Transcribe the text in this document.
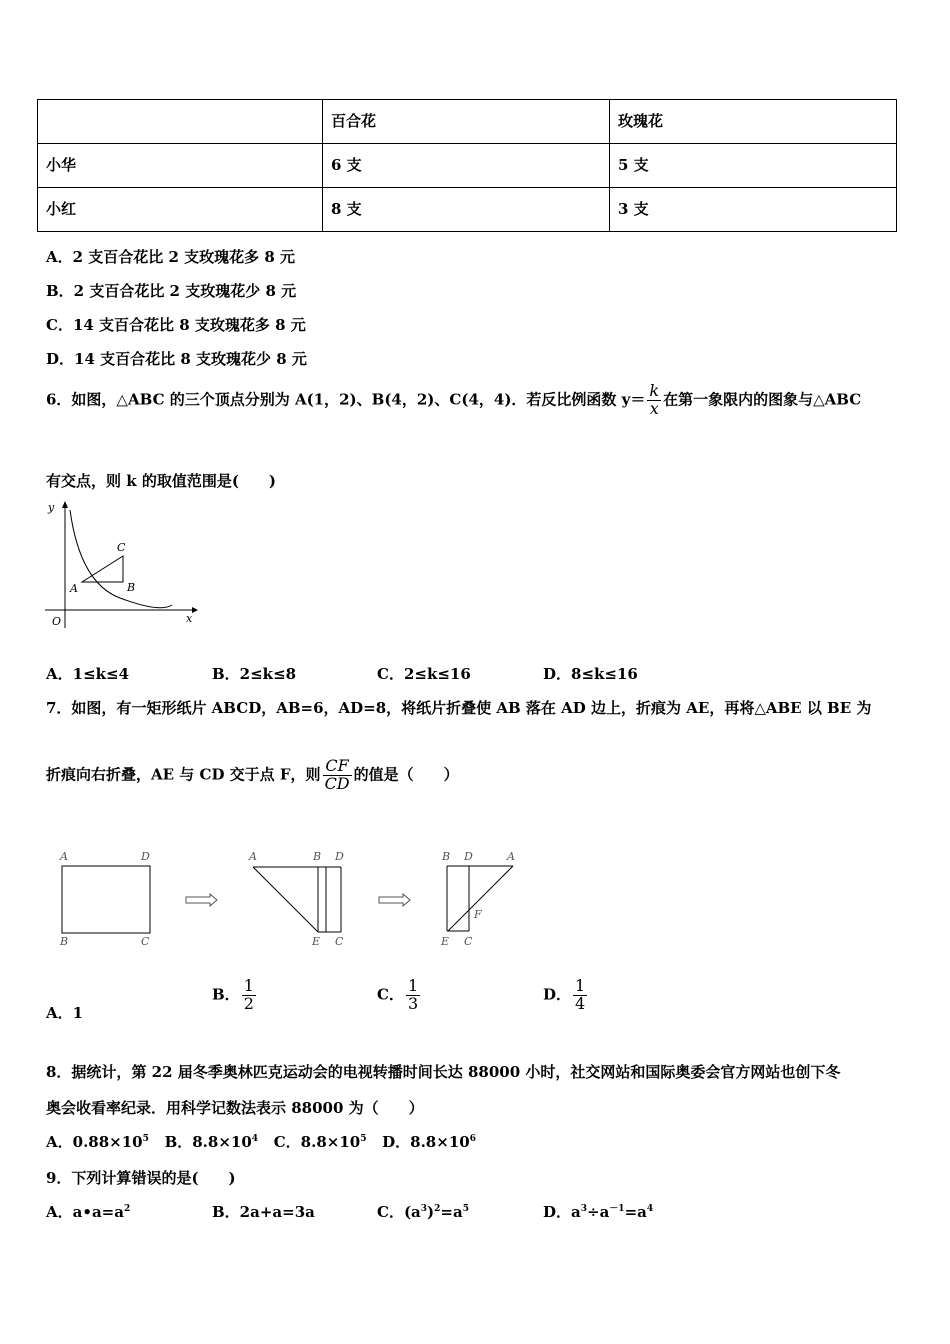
	百合花	玫瑰花
小华	6 支	5 支
小红	8 支	3 支
A．2 支百合花比 2 支玫瑰花多 8 元
B．2 支百合花比 2 支玫瑰花少 8 元
C．14 支百合花比 8 支玫瑰花多 8 元
D．14 支百合花比 8 支玫瑰花少 8 元
6．如图，△ABC 的三个顶点分别为 A(1，2)、B(4，2)、C(4，4)．若反比例函数 $y= \frac{k}{x}$ 在第一象限内的图象与△ABC
有交点，则 k 的取值范围是(　　)
y
x
O
A	B
C
A．1≤k≤4	B．2≤k≤8	C．2≤k≤16	D．8≤k≤16
7．如图，有一矩形纸片 ABCD，AB=6，AD=8，将纸片折叠使 AB 落在 AD 边上，折痕为 AE，再将△ABE 以 BE 为
折痕向右折叠，AE 与 CD 交于点 F，则 $\frac{CF}{CD}$ 的值是（　　）
A	D
B	C
A	B D
E C
B D	A
F
E C
A．1
B． $\frac{1}{2}$	C． $\frac{1}{3}$	D． $\frac{1}{4}$
8．据统计，第 22 届冬季奥林匹克运动会的电视转播时间长达 88000 小时，社交网站和国际奥委会官方网站也创下冬
奥会收看率纪录．用科学记数法表示 88000 为（　　）
A．$0.88\times 10^5$ B．$8.8\times 10^4$ C．$8.8\times 10^5$ D．$8.8\times 10^6$
9．下列计算错误的是(　　)
A．$a•a=a^2$	B．2a+a=3a	C．$(a^3)^2=a^5$	D．$a^3\div a^{-1}=a^4$
